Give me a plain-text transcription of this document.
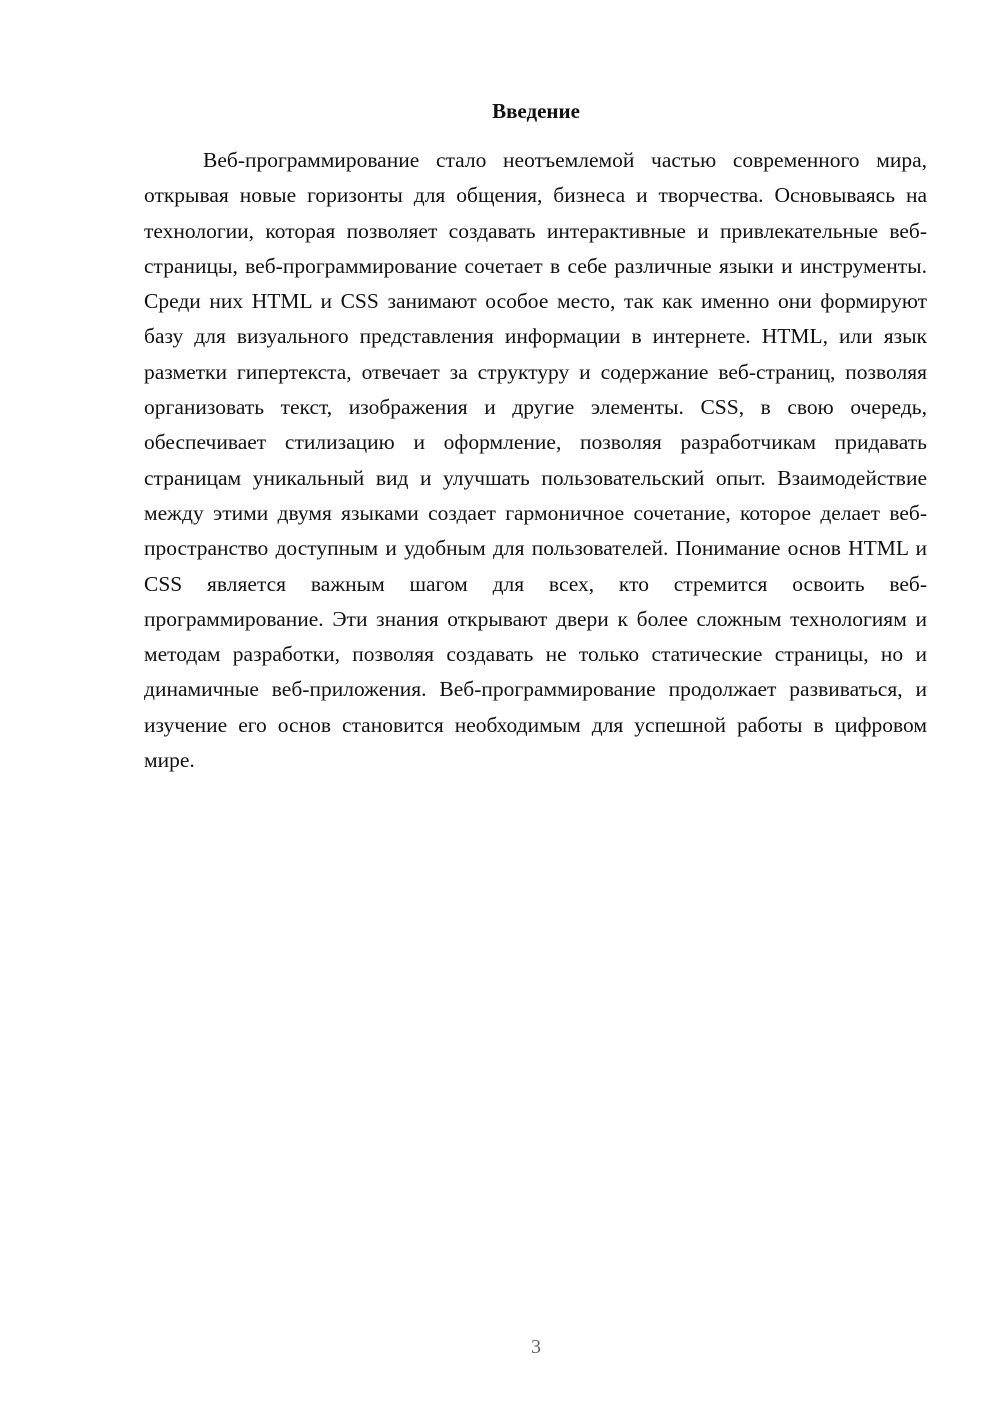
Введение

Веб-программирование стало неотъемлемой частью современного мира, открывая новые горизонты для общения, бизнеса и творчества. Основываясь на технологии, которая позволяет создавать интерактивные и привлекательные веб-страницы, веб-программирование сочетает в себе различные языки и инструменты. Среди них HTML и CSS занимают особое место, так как именно они формируют базу для визуального представления информации в интернете. HTML, или язык разметки гипертекста, отвечает за структуру и содержание веб-страниц, позволяя организовать текст, изображения и другие элементы. CSS, в свою очередь, обеспечивает стилизацию и оформление, позволяя разработчикам придавать страницам уникальный вид и улучшать пользовательский опыт. Взаимодействие между этими двумя языками создает гармоничное сочетание, которое делает веб-пространство доступным и удобным для пользователей. Понимание основ HTML и CSS является важным шагом для всех, кто стремится освоить веб-программирование. Эти знания открывают двери к более сложным технологиям и методам разработки, позволяя создавать не только статические страницы, но и динамичные веб-приложения. Веб-программирование продолжает развиваться, и изучение его основ становится необходимым для успешной работы в цифровом мире.

3
